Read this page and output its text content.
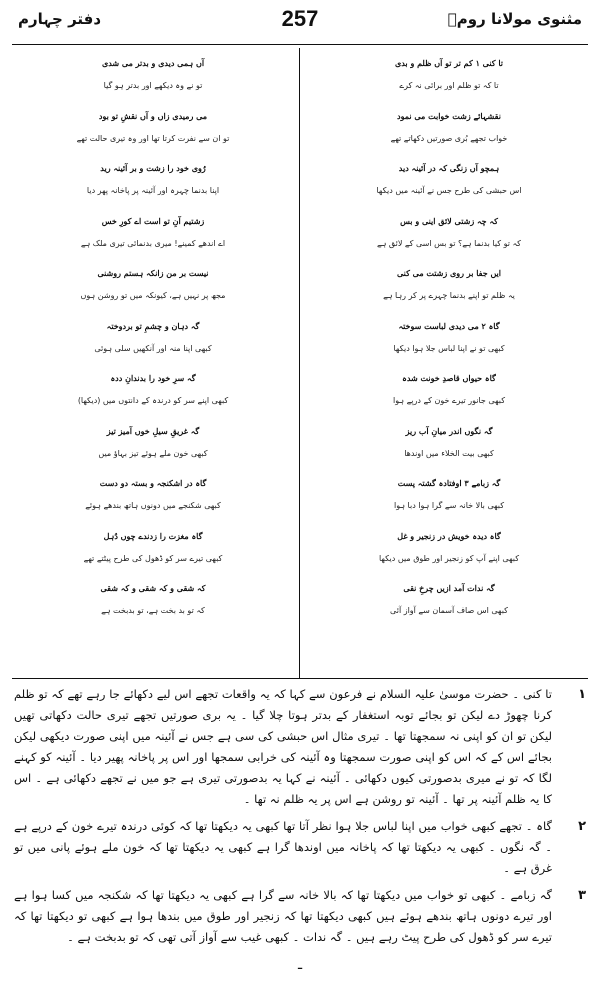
مثنوی مولانا رومؒ
257
دفتر چہارم
تا کنی ۱ کم تر تو آں ظلم و بدی
تا کہ تو ظلم اور برائی نہ کرے
نقشہائے زشت خوابت می نمود
خواب تجھے بُری صورتیں دکھاتے تھے
ہمچو آں زنگی کہ در آئینہ دید
اس حبشی کی طرح جس نے آئینہ میں دیکھا
کہ چہ زشتی لائق اینی و بس
کہ تو کیا بدنما ہے؟ تو بس اسی کے لائق ہے
ایں جفا بر روی زشتت می کنی
یہ ظلم تو اپنے بدنما چہرے پر کر رہا ہے
گاہ ۲ می دیدی لباست سوختہ
کبھی تو نے اپنا لباس جلا ہوا دیکھا
گاہ حیواں قاصدِ خونت شدہ
کبھی جانور تیرے خون کے درپے ہوا
گہ نگوں اندر میانِ آب ریز
کبھی بیت الخلاء میں اوندھا
گہ زبامے ۳ اوفتادہ گشتہ پست
کبھی بالا خانہ سے گرا ہوا دبا ہوا
گاہ دیدہ خویش در زنجیر و غل
کبھی اپنے آپ کو زنجیر اور طوق میں دیکھا
گہ ندات آمد ازیں چرخِ نقی
کبھی اس صاف آسمان سے آواز آئی
آں ہمی دیدی و بدتر می شدی
تو نے وہ دیکھے اور بدتر ہو گیا
می رمیدی زاں و آں نقشِ تو بود
تو ان سے نفرت کرتا تھا اور وہ تیری حالت تھے
رُوی خود را زشت و بر آئینہ رید
اپنا بدنما چہرہ اور آئینہ پر پاخانہ پھر دیا
زشتیم آنِ تو است اے کورِ خس
اے اندھے کمینے! میری بدنمائی تیری ملک ہے
نیست بر من زانکہ ہستم روشنی
مجھ پر نہیں ہے، کیونکہ میں تو روشن ہوں
گہ دہان و چشمِ تو بردوختہ
کبھی اپنا منہ اور آنکھیں سلی ہوئی
گہ سرِ خود را بدندانِ ددہ
کبھی اپنے سر کو درندہ کے دانتوں میں (دیکھا)
گہ غریقِ سیلِ خوں آمیز تیز
کبھی خون ملے ہوئے تیز بہاؤ میں
گاہ در اشکنجہ و بستہ دو دست
کبھی شکنجے میں دونوں ہاتھ بندھے ہوئے
گاہ مغزت را زدندے چوں دُہل
کبھی تیرے سر کو ڈھول کی طرح پیٹتے تھے
کہ شقی و کہ شقی و کہ شقی
کہ تو بد بخت ہے، تو بدبخت ہے
۱
تا کنی ۔ حضرت موسیٰ علیہ السلام نے فرعون سے کہا کہ یہ واقعات تجھے اس لیے دکھائے جا رہے تھے کہ تو ظلم کرنا چھوڑ دے لیکن تو بجائے توبہ استغفار کے بدتر ہوتا چلا گیا ۔ یہ بری صورتیں تجھے تیری حالت دکھاتی تھیں لیکن تو ان کو اپنی نہ سمجھتا تھا ۔ تیری مثال اس حبشی کی سی ہے جس نے آئینہ میں اپنی صورت دیکھی لیکن بجائے اس کے کہ اس کو اپنی صورت سمجھتا وہ آئینہ کی خرابی سمجھا اور اس پر پاخانہ پھیر دیا ۔ آئینہ کو کہنے لگا کہ تو نے میری بدصورتی کیوں دکھائی ۔ آئینہ نے کہا یہ بدصورتی تیری ہے جو میں نے تجھے دکھائی ہے ۔ اس کا یہ ظلم آئینہ پر تھا ۔ آئینہ تو روشن ہے اس پر یہ ظلم نہ تھا ۔
۲
گاہ ۔ تجھے کبھی خواب میں اپنا لباس جلا ہوا نظر آتا تھا کبھی یہ دیکھتا تھا کہ کوئی درندہ تیرے خون کے درپے ہے ۔ گہ نگوں ۔ کبھی یہ دیکھتا تھا کہ پاخانہ میں اوندھا گرا ہے کبھی یہ دیکھتا تھا کہ خون ملے ہوئے پانی میں تو غرق ہے ۔
۳
گہ زبامے ۔ کبھی تو خواب میں دیکھتا تھا کہ بالا خانہ سے گرا ہے کبھی یہ دیکھتا تھا کہ شکنجہ میں کسا ہوا ہے اور تیرے دونوں ہاتھ بندھے ہوئے ہیں کبھی دیکھتا تھا کہ زنجیر اور طوق میں بندھا ہوا ہے کبھی تو دیکھتا تھا کہ تیرے سر کو ڈھول کی طرح پیٹ رہے ہیں ۔ گہ ندات ۔ کبھی غیب سے آواز آتی تھی کہ تو بدبخت ہے ۔
ـ
